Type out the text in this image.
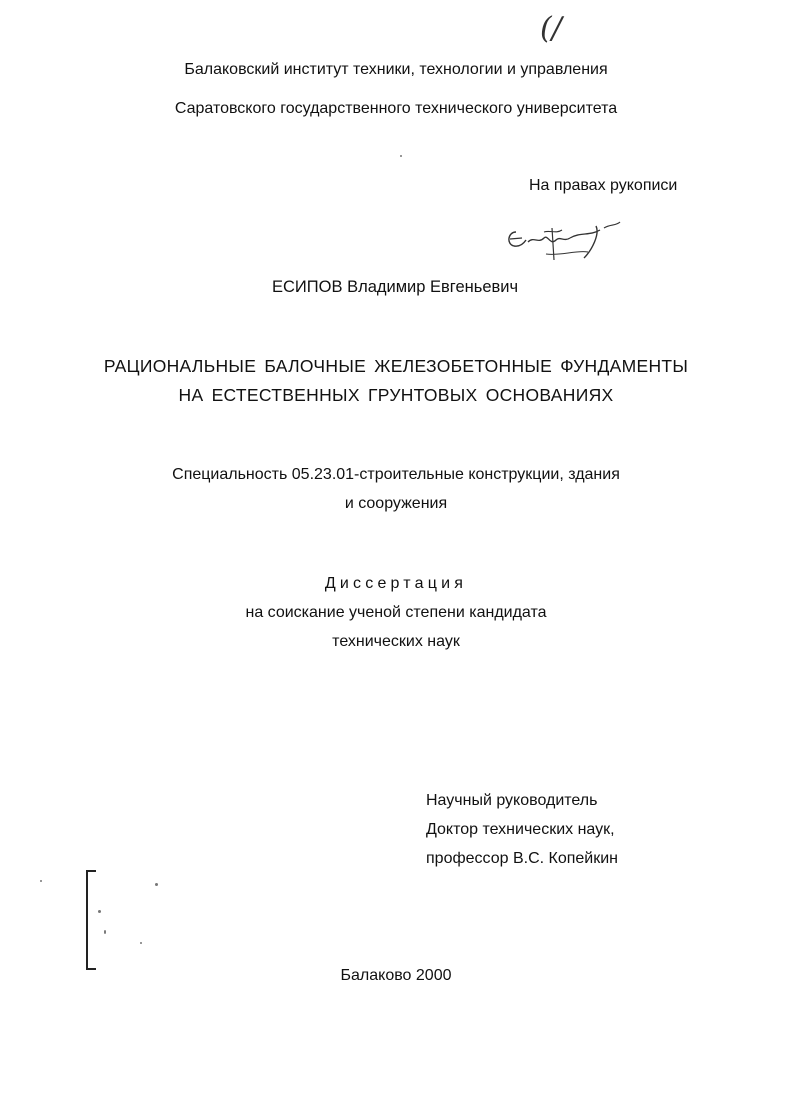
(/
Балаковский институт техники, технологии и управления
Саратовского государственного технического университета
На правах рукописи
ЕСИПОВ Владимир Евгеньевич
РАЦИОНАЛЬНЫЕ БАЛОЧНЫЕ ЖЕЛЕЗОБЕТОННЫЕ ФУНДАМЕНТЫ
НА ЕСТЕСТВЕННЫХ ГРУНТОВЫХ ОСНОВАНИЯХ
Специальность 05.23.01-строительные конструкции, здания
и сооружения
Диссертация
на соискание ученой степени кандидата
технических наук
Научный руководитель
Доктор технических наук,
профессор В.С. Копейкин
Балаково 2000
